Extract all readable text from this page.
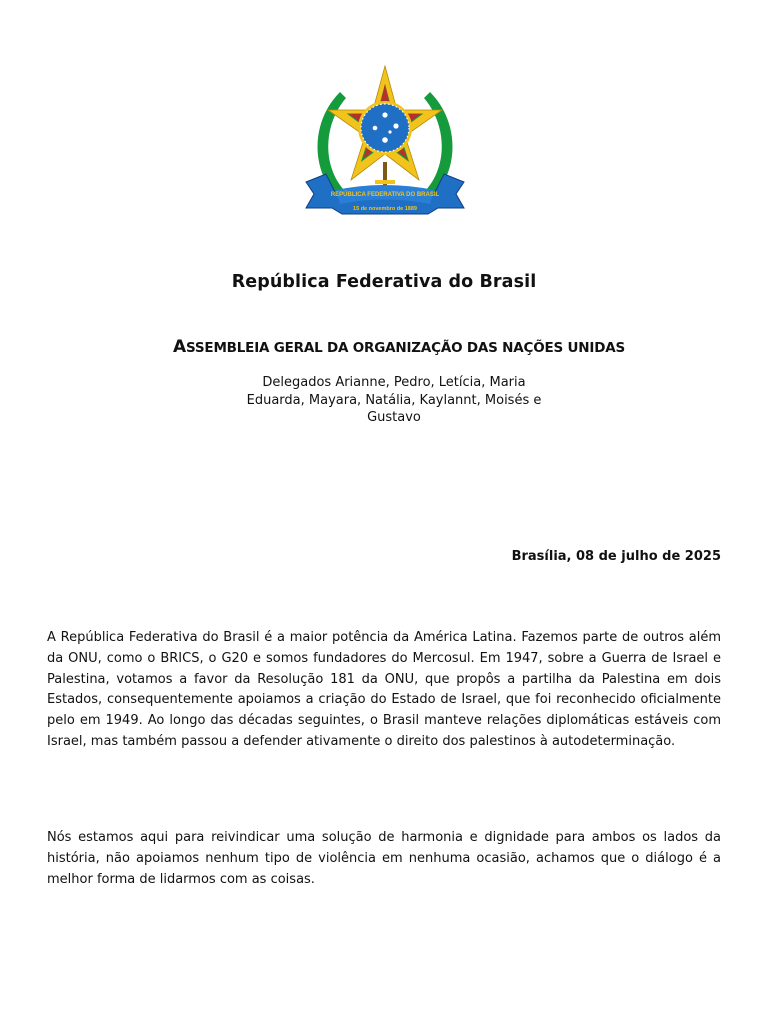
REPÚBLICA FEDERATIVA DO BRASIL
15 de novembro de 1889
República Federativa do Brasil
ASSEMBLEIA GERAL DA ORGANIZAÇÃO DAS NAÇÕES UNIDAS
Delegados Arianne, Pedro, Letícia, Maria Eduarda, Mayara, Natália, Kaylannt, Moisés e Gustavo
Brasília, 08 de julho de 2025

A República Federativa do Brasil é a maior potência da América Latina. Fazemos parte de outros além da ONU, como o BRICS, o G20 e somos fundadores do Mercosul. Em 1947, sobre a Guerra de Israel e Palestina, votamos a favor da Resolução 181 da ONU, que propôs a partilha da Palestina em dois Estados, consequentemente apoiamos a criação do Estado de Israel, que foi reconhecido oficialmente pelo em 1949. Ao longo das décadas seguintes, o Brasil manteve relações diplomáticas estáveis com Israel, mas também passou a defender ativamente o direito dos palestinos à autodeterminação.

Nós estamos aqui para reivindicar uma solução de harmonia e dignidade para ambos os lados da história, não apoiamos nenhum tipo de violência em nenhuma ocasião, achamos que o diálogo é a melhor forma de lidarmos com as coisas.
